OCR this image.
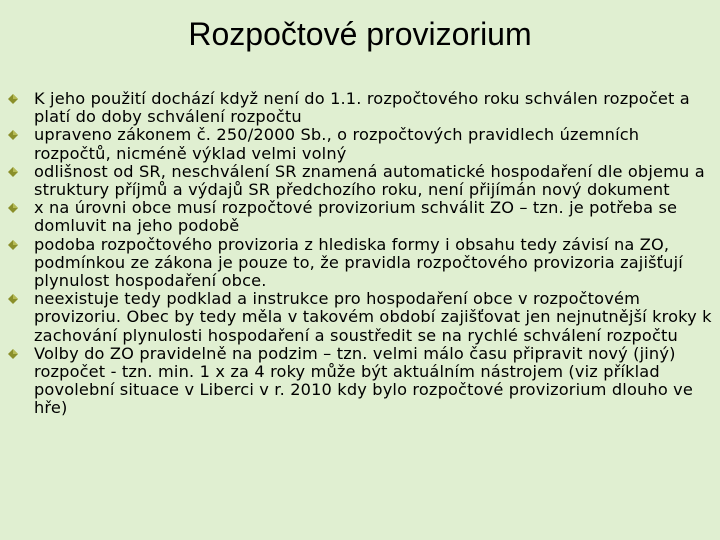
Rozpočtové provizorium
K jeho použití dochází když není do 1.1. rozpočtového roku schválen rozpočet a platí do doby schválení rozpočtu
upraveno zákonem č. 250/2000 Sb., o rozpočtových pravidlech územních rozpočtů, nicméně výklad velmi volný
odlišnost od SR, neschválení SR znamená automatické hospodaření dle objemu a struktury příjmů a výdajů SR předchozího roku, není přijímán nový dokument
x na úrovni obce musí rozpočtové provizorium schválit ZO – tzn. je potřeba se domluvit na jeho podobě
podoba rozpočtového provizoria z hlediska formy i obsahu tedy závisí na ZO, podmínkou ze zákona je pouze to, že pravidla rozpočtového provizoria zajišťují plynulost hospodaření obce.
neexistuje tedy podklad a instrukce pro hospodaření obce v rozpočtovém provizoriu. Obec by tedy měla v takovém období zajišťovat jen nejnutnější kroky k zachování plynulosti hospodaření a soustředit se na rychlé schválení rozpočtu
Volby do ZO pravidelně na podzim – tzn. velmi málo času připravit nový (jiný) rozpočet - tzn. min. 1 x za 4 roky může být aktuálním nástrojem (viz příklad povolební situace v Liberci v r. 2010 kdy bylo rozpočtové provizorium dlouho ve hře)
